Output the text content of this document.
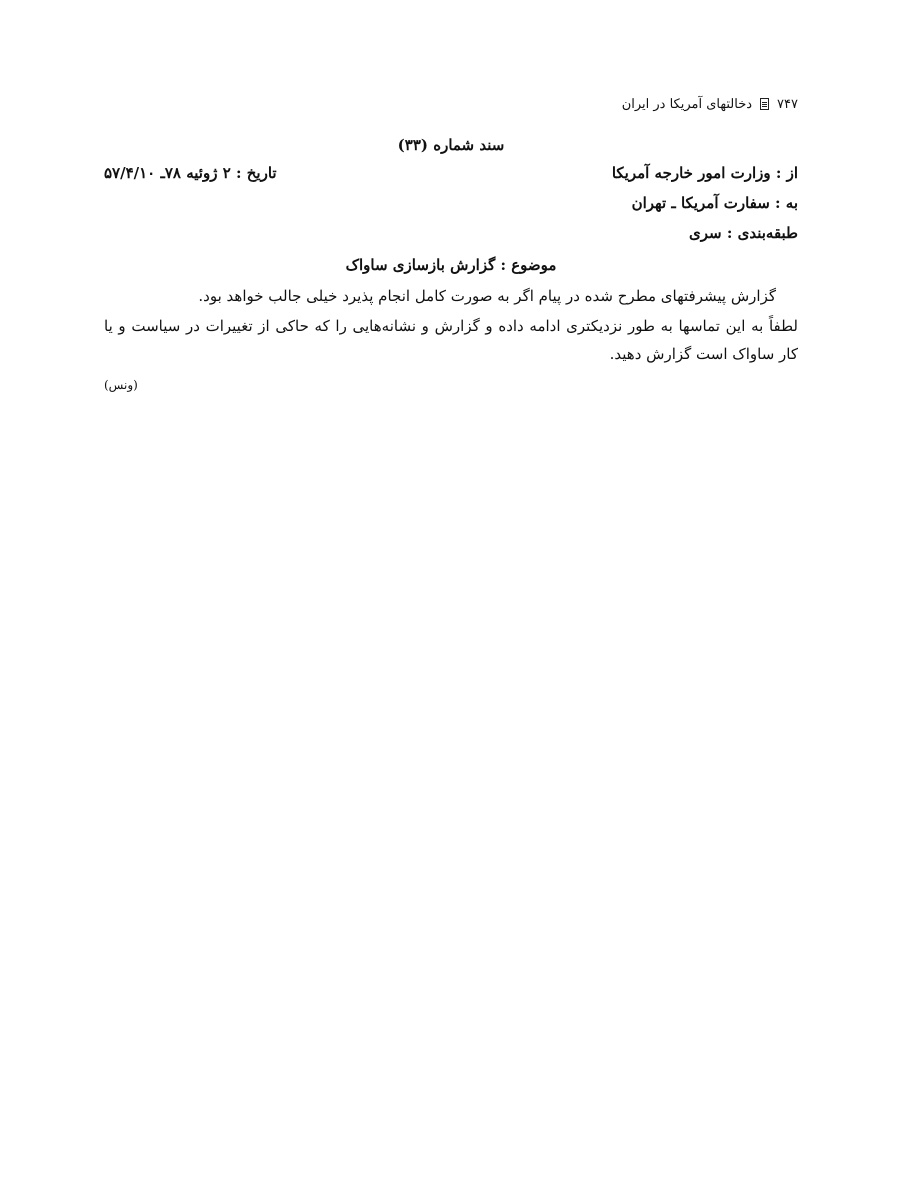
دخالتهای آمریکا در ایران ۷۴۷
سند شماره (۳۳)
از : وزارت امور خارجه آمریکا
تاریخ : ۲ ژوئیه ۷۸ـ ۵۷/۴/۱۰
به : سفارت آمریکا ـ تهران
طبقه‌بندی : سری
موضوع : گزارش بازسازی ساواک
گزارش پیشرفتهای مطرح شده در پیام اگر به صورت کامل انجام پذیرد خیلی جالب خواهد بود.
لطفاً به این تماسها به طور نزدیکتری ادامه داده و گزارش و نشانه‌هایی را که حاکی از تغییرات در سیاست و یا کار ساواک است گزارش دهید.
(ونس)
